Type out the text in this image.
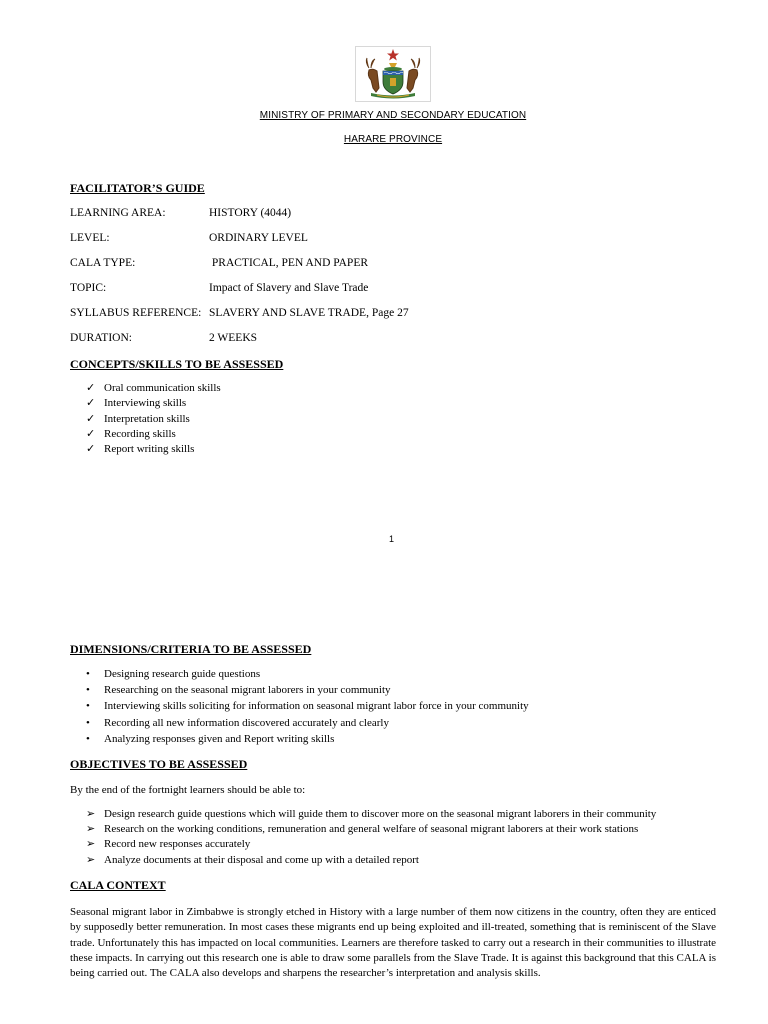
MINISTRY OF PRIMARY AND SECONDARY EDUCATION
HARARE PROVINCE
FACILITATOR’S GUIDE
LEARNING AREA:	HISTORY (4044)
LEVEL:	ORDINARY LEVEL
CALA TYPE:	PRACTICAL, PEN AND PAPER
TOPIC:	Impact of Slavery and Slave Trade
SYLLABUS REFERENCE: SLAVERY AND SLAVE TRADE, Page 27
DURATION:	2 WEEKS
CONCEPTS/SKILLS TO BE ASSESSED
✓ Oral communication skills
✓ Interviewing skills
✓ Interpretation skills
✓ Recording skills
✓ Report writing skills
1
DIMENSIONS/CRITERIA TO BE ASSESSED
•	Designing research guide questions
•	Researching on the seasonal migrant laborers in your community
•	Interviewing skills soliciting for information on seasonal migrant labor force in your community
•	Recording all new information discovered accurately and clearly
•	Analyzing responses given and Report writing skills
OBJECTIVES TO BE ASSESSED
By the end of the fortnight learners should be able to:
➢ Design research guide questions which will guide them to discover more on the seasonal migrant laborers in their community
➢ Research on the working conditions, remuneration and general welfare of seasonal migrant laborers at their work stations
➢ Record new responses accurately
➢ Analyze documents at their disposal and come up with a detailed report
CALA CONTEXT

Seasonal migrant labor in Zimbabwe is strongly etched in History with a large number of them now citizens in the country, often they are enticed by supposedly better remuneration. In most cases these migrants end up being exploited and ill-treated, something that is reminiscent of the Slave trade. Unfortunately this has impacted on local communities. Learners are therefore tasked to carry out a research in their communities to illustrate these impacts. In carrying out this research one is able to draw some parallels from the Slave Trade. It is against this background that this CALA is being carried out. The CALA also develops and sharpens the researcher’s interpretation and analysis skills.
